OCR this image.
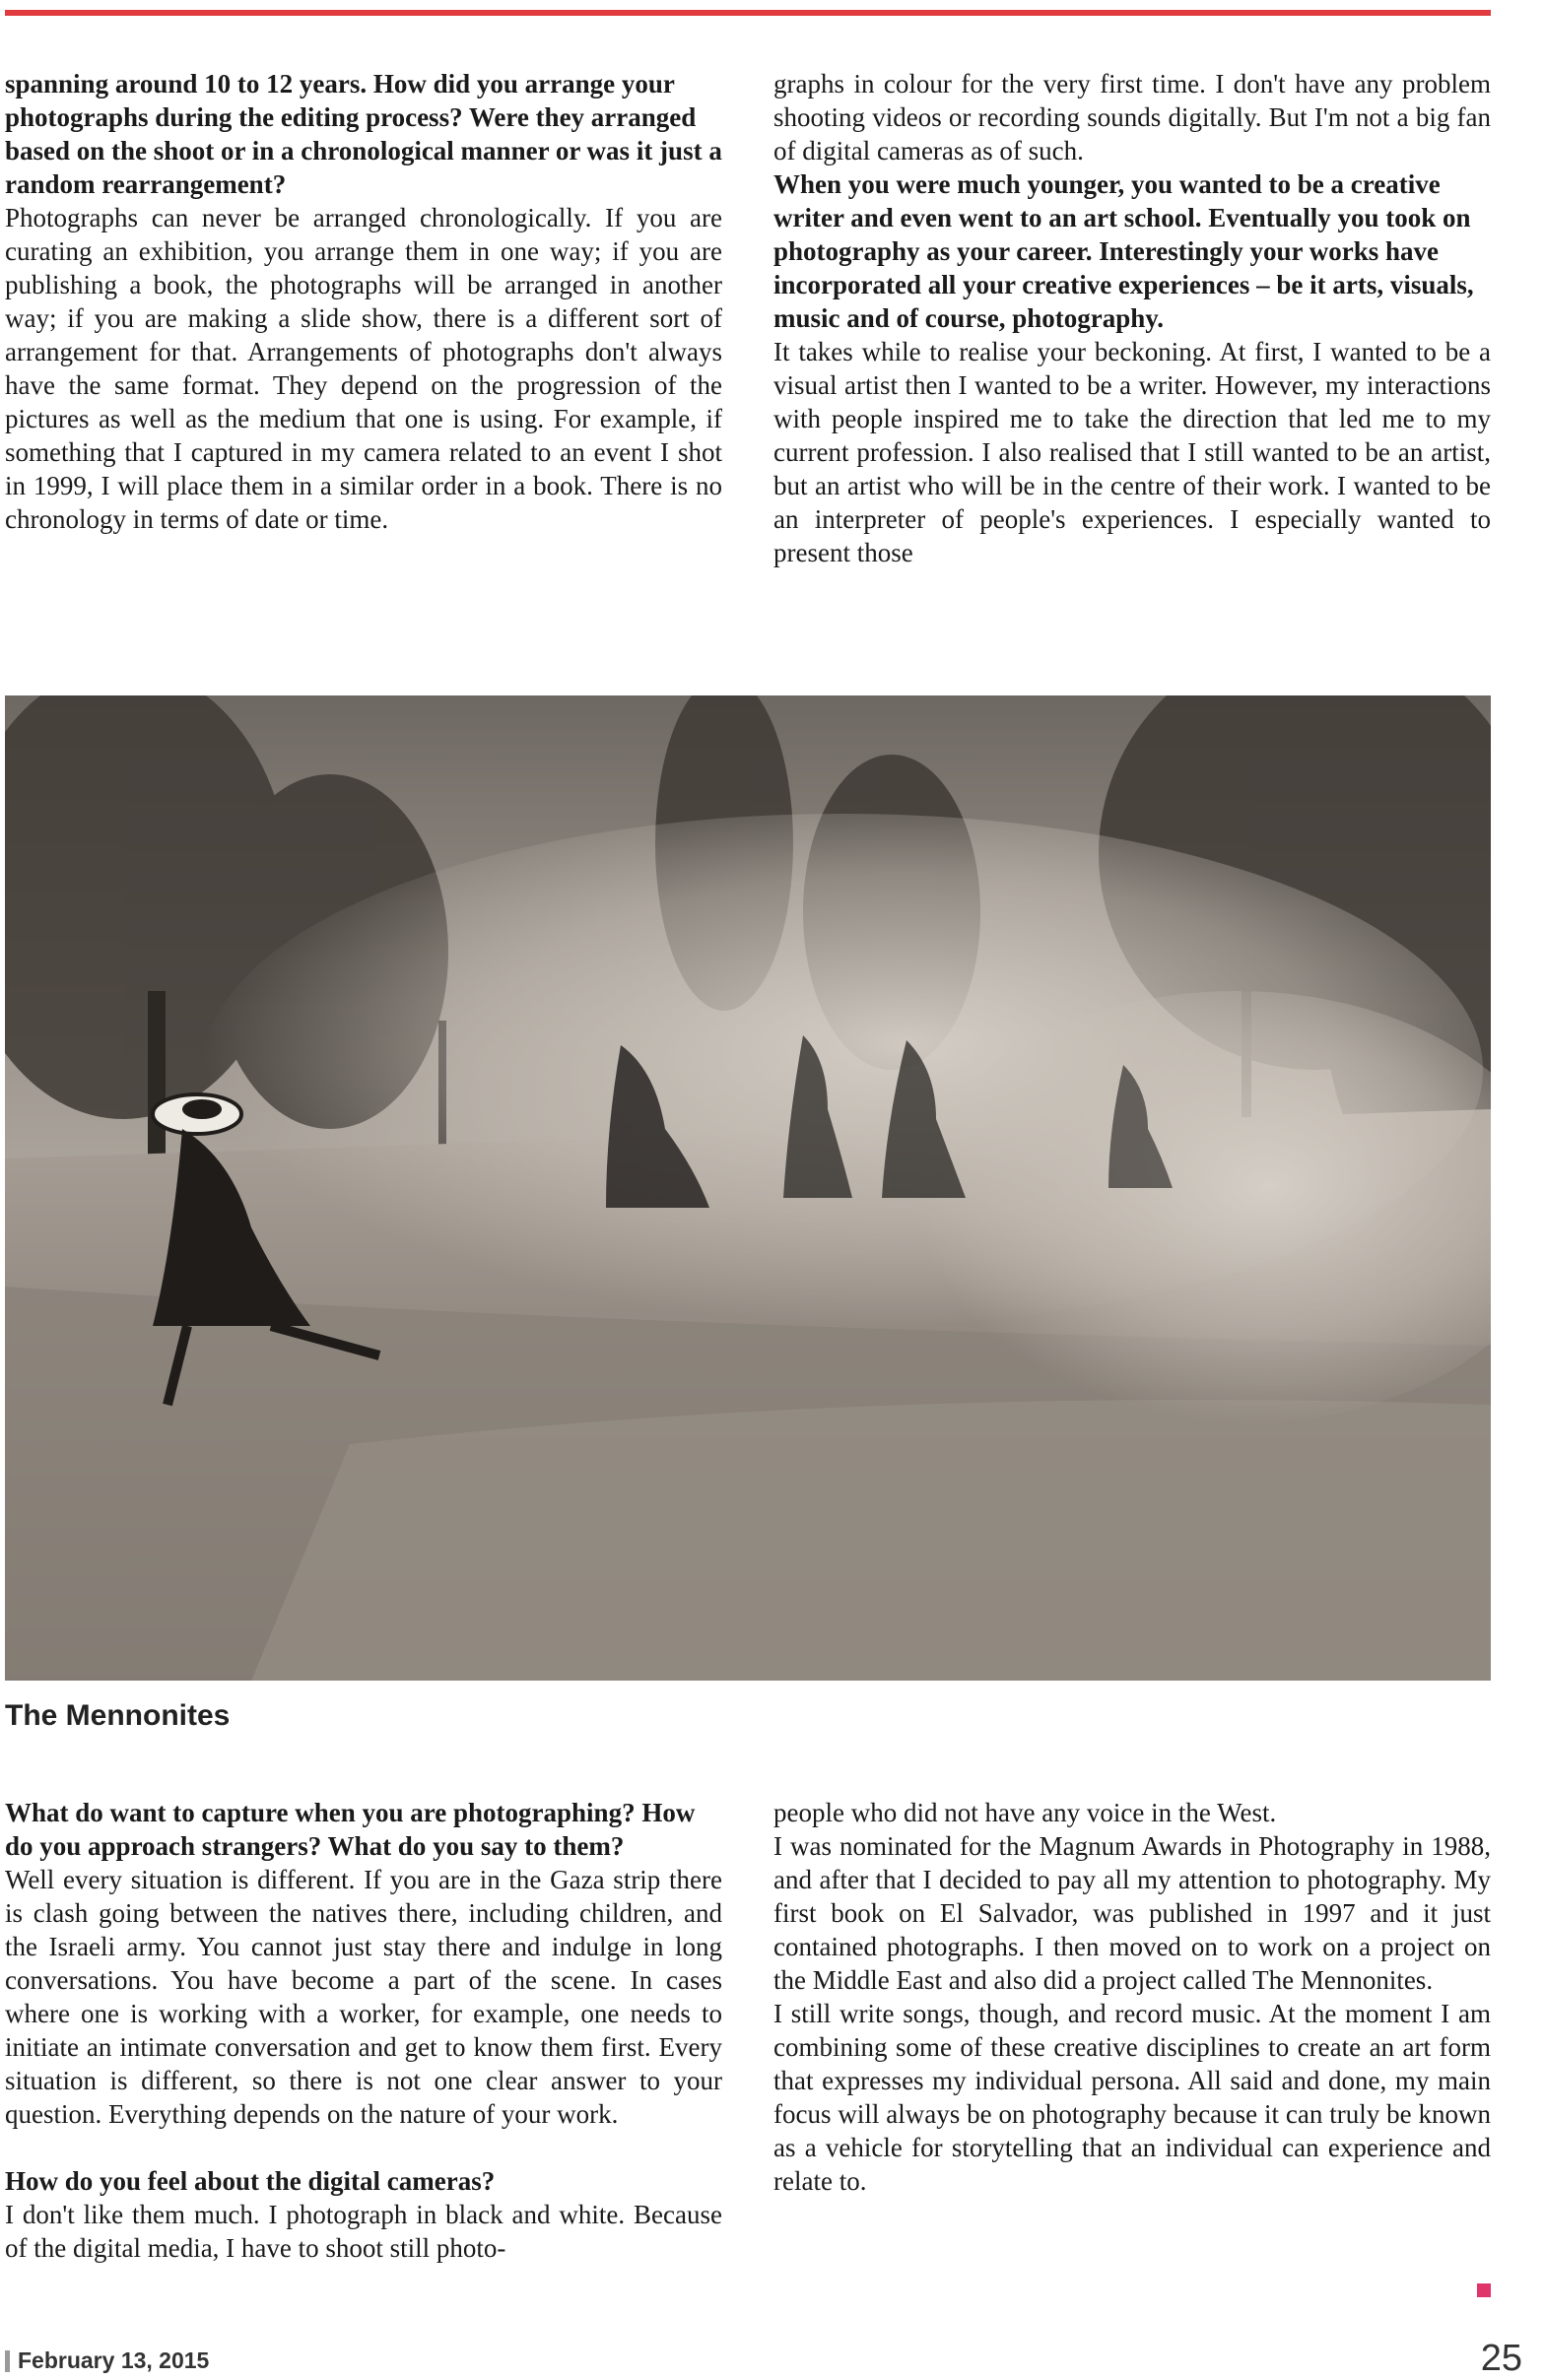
spanning around 10 to 12 years. How did you arrange your photographs during the editing process? Were they arranged based on the shoot or in a chronological manner or was it just a random rearrangement?

Photographs can never be arranged chronologically. If you are curating an exhibition, you arrange them in one way; if you are publishing a book, the photographs will be arranged in another way; if you are making a slide show, there is a different sort of arrangement for that. Arrangements of photographs don't always have the same format. They depend on the progression of the pictures as well as the medium that one is using. For example, if something that I captured in my camera related to an event I shot in 1999, I will place them in a similar order in a book. There is no chronology in terms of date or time.

graphs in colour for the very first time. I don't have any problem shooting videos or recording sounds digitally. But I'm not a big fan of digital cameras as of such.

When you were much younger, you wanted to be a creative writer and even went to an art school. Eventually you took on photography as your career. Interestingly your works have incorporated all your creative experiences – be it arts, visuals, music and of course, photography.

It takes while to realise your beckoning. At first, I wanted to be a visual artist then I wanted to be a writer. However, my interactions with people inspired me to take the direction that led me to my current profession. I also realised that I still wanted to be an artist, but an artist who will be in the centre of their work. I wanted to be an interpreter of people's experiences. I especially wanted to present those

The Mennonites

What do want to capture when you are photographing? How do you approach strangers? What do you say to them?

Well every situation is different. If you are in the Gaza strip there is clash going between the natives there, including children, and the Israeli army. You cannot just stay there and indulge in long conversations. You have become a part of the scene. In cases where one is working with a worker, for example, one needs to initiate an intimate conversation and get to know them first. Every situation is different, so there is not one clear answer to your question. Everything depends on the nature of your work.

How do you feel about the digital cameras?

I don't like them much. I photograph in black and white. Because of the digital media, I have to shoot still photo-

people who did not have any voice in the West.

I was nominated for the Magnum Awards in Photography in 1988, and after that I decided to pay all my attention to photography. My first book on El Salvador, was published in 1997 and it just contained photographs. I then moved on to work on a project on the Middle East and also did a project called The Mennonites.

I still write songs, though, and record music. At the moment I am combining some of these creative disciplines to create an art form that expresses my individual persona. All said and done, my main focus will always be on photography because it can truly be known as a vehicle for storytelling that an individual can experience and relate to.

February 13, 2015	25
